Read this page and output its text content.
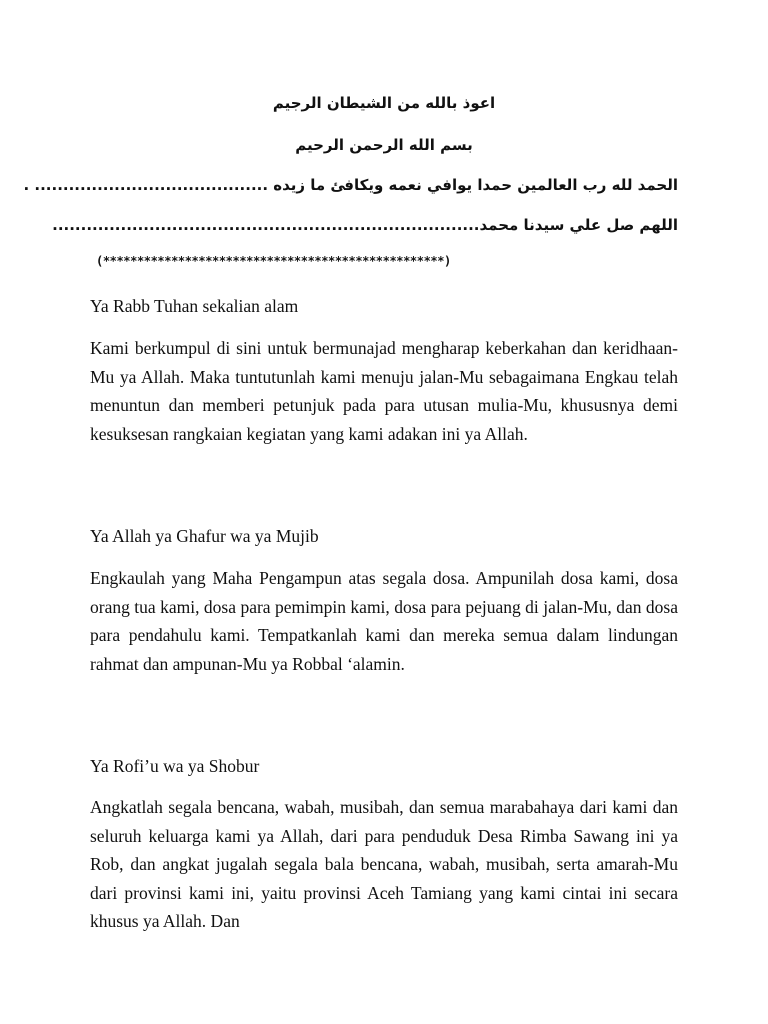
اعوذ بالله من الشيطان الرجيم
بسم الله الرحمن الرحيم
الحمد لله رب العالمين حمدا يوافي نعمه ويكافئ ما زيده ......................................... .
اللهم صل علي سيدنا محمد...........................................................................
(**************************************************)
Ya Rabb Tuhan sekalian alam
Kami berkumpul di sini untuk bermunajad mengharap keberkahan dan keridhaan-Mu ya Allah. Maka tuntutunlah kami menuju jalan-Mu sebagaimana Engkau telah menuntun dan memberi petunjuk pada para utusan mulia-Mu, khususnya demi kesuksesan rangkaian kegiatan yang kami adakan ini ya Allah.
Ya Allah ya Ghafur wa ya Mujib
Engkaulah yang Maha Pengampun atas segala dosa. Ampunilah dosa kami, dosa orang tua kami, dosa para pemimpin kami, dosa para pejuang di jalan-Mu, dan dosa para pendahulu kami. Tempatkanlah kami dan mereka semua dalam lindungan rahmat dan ampunan-Mu ya Robbal ‘alamin.
Ya Rofi’u wa ya Shobur
Angkatlah segala bencana, wabah, musibah, dan semua marabahaya dari kami dan seluruh keluarga kami ya Allah, dari para penduduk Desa Rimba Sawang ini ya Rob, dan angkat jugalah segala bala bencana, wabah, musibah, serta amarah-Mu dari provinsi kami ini, yaitu provinsi Aceh Tamiang yang kami cintai ini secara khusus ya Allah. Dan
